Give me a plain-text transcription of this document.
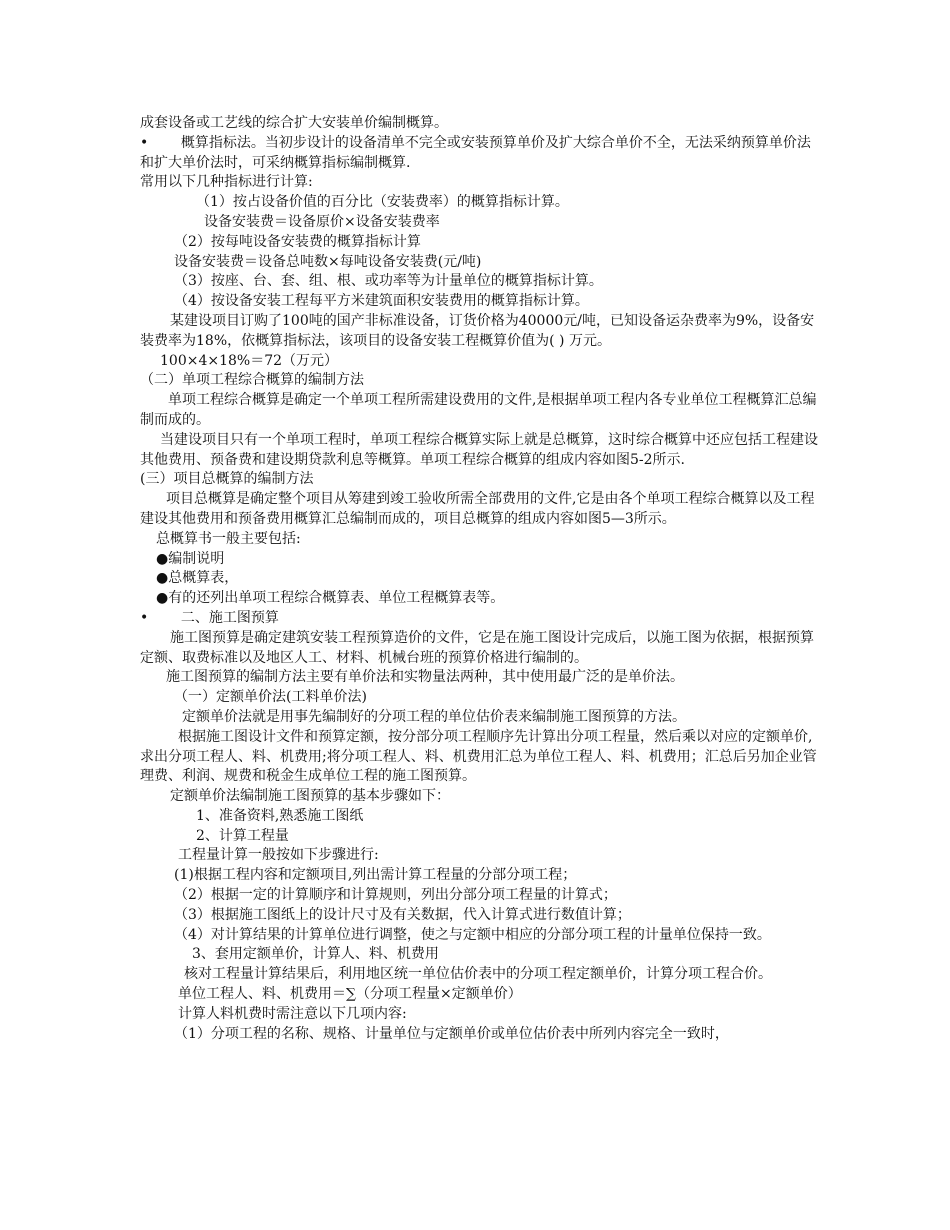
成套设备或工艺线的综合扩大安装单价编制概算。

• 概算指标法。当初步设计的设备清单不完全或安装预算单价及扩大综合单价不全，无法采纳预算单价法和扩大单价法时，可采纳概算指标编制概算.

常用以下几种指标进行计算:

（1）按占设备价值的百分比（安装费率）的概算指标计算。

设备安装费＝设备原价×设备安装费率

（2）按每吨设备安装费的概算指标计算

设备安装费＝设备总吨数×每吨设备安装费(元/吨)

（3）按座、台、套、组、根、或功率等为计量单位的概算指标计算。

（4）按设备安装工程每平方米建筑面积安装费用的概算指标计算。

某建设项目订购了100吨的国产非标准设备，订货价格为40000元/吨，已知设备运杂费率为9%，设备安装费率为18%，依概算指标法，该项目的设备安装工程概算价值为( ) 万元。

100×4×18%＝72（万元）

（二）单项工程综合概算的编制方法

单项工程综合概算是确定一个单项工程所需建设费用的文件,是根据单项工程内各专业单位工程概算汇总编制而成的。

当建设项目只有一个单项工程时，单项工程综合概算实际上就是总概算，这时综合概算中还应包括工程建设其他费用、预备费和建设期贷款利息等概算。单项工程综合概算的组成内容如图5-2所示.

(三）项目总概算的编制方法

项目总概算是确定整个项目从筹建到竣工验收所需全部费用的文件,它是由各个单项工程综合概算以及工程建设其他费用和预备费用概算汇总编制而成的，项目总概算的组成内容如图5—3所示。

总概算书一般主要包括:

●编制说明

●总概算表，

●有的还列出单项工程综合概算表、单位工程概算表等。

• 二、施工图预算

施工图预算是确定建筑安装工程预算造价的文件，它是在施工图设计完成后，以施工图为依据，根据预算定额、取费标准以及地区人工、材料、机械台班的预算价格进行编制的。

施工图预算的编制方法主要有单价法和实物量法两种，其中使用最广泛的是单价法。

（一）定额单价法(工料单价法)

定额单价法就是用事先编制好的分项工程的单位估价表来编制施工图预算的方法。

根据施工图设计文件和预算定额，按分部分项工程顺序先计算出分项工程量，然后乘以对应的定额单价,求出分项工程人、料、机费用;将分项工程人、料、机费用汇总为单位工程人、料、机费用；汇总后另加企业管理费、利润、规费和税金生成单位工程的施工图预算。

定额单价法编制施工图预算的基本步骤如下：

1、准备资料,熟悉施工图纸

2、计算工程量

工程量计算一般按如下步骤进行:

(1)根据工程内容和定额项目,列出需计算工程量的分部分项工程；

（2）根据一定的计算顺序和计算规则，列出分部分项工程量的计算式；

（3）根据施工图纸上的设计尺寸及有关数据，代入计算式进行数值计算；

（4）对计算结果的计算单位进行调整，使之与定额中相应的分部分项工程的计量单位保持一致。

3、套用定额单价，计算人、料、机费用

核对工程量计算结果后，利用地区统一单位估价表中的分项工程定额单价，计算分项工程合价。

单位工程人、料、机费用＝∑（分项工程量×定额单价）

计算人料机费时需注意以下几项内容:

（1）分项工程的名称、规格、计量单位与定额单价或单位估价表中所列内容完全一致时，
